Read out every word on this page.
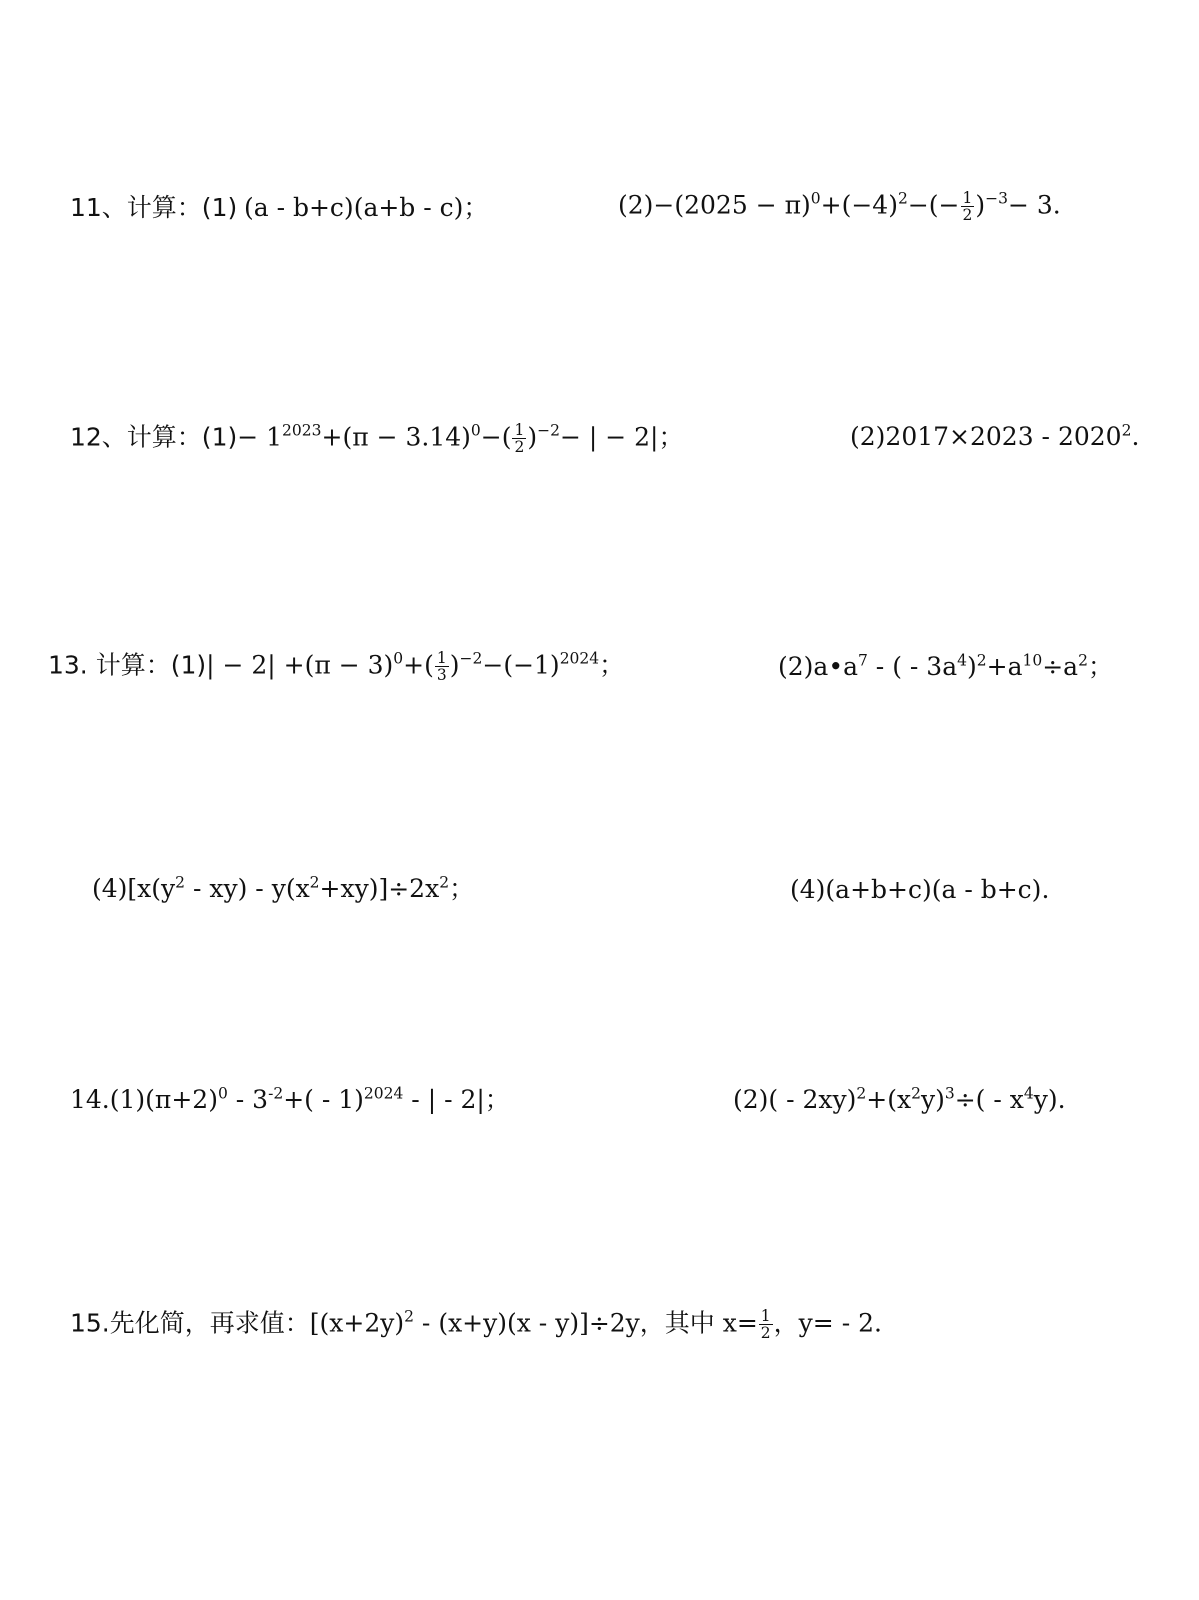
11、计算：(1) (a - b+c)(a+b - c)；	$(2)-(2025 - \pi)^0+(-4)^2-(- \frac{1}{2} )^{-3}- 3$.
12、计算：$(1)- 1^{2023}+(\pi - 3.14)^0-( \frac{1}{2} )^{-2}-$ | − 2|；	(2)2017×2023 - 2020$^2$.
13. 计算：$(1)| - 2| +(\pi - 3)^0+( \frac{1}{3} )^{-2}-(-1)^{2024}$；	$(2)a•a^7$ - ( - $3a^4)^2+a^{10}\div a^2$；
$(4)[x(y^2 - xy) - y(x^2+xy)]\div 2x^2$；	(4)(a+b+c)(a - b+c).
$14.(1)(\pi+2)^0 - 3^{-2}+( - 1)^{2024}$ - | - 2|；	$(2)( - 2xy)^2+(x^2y)^3\div( - x^4y)$.
15.先化简，再求值：$[(x+2y)^2 - (x+y)(x - y)]\div 2y$，其中 $x= \frac{1}{2}$ ，y= - 2.
